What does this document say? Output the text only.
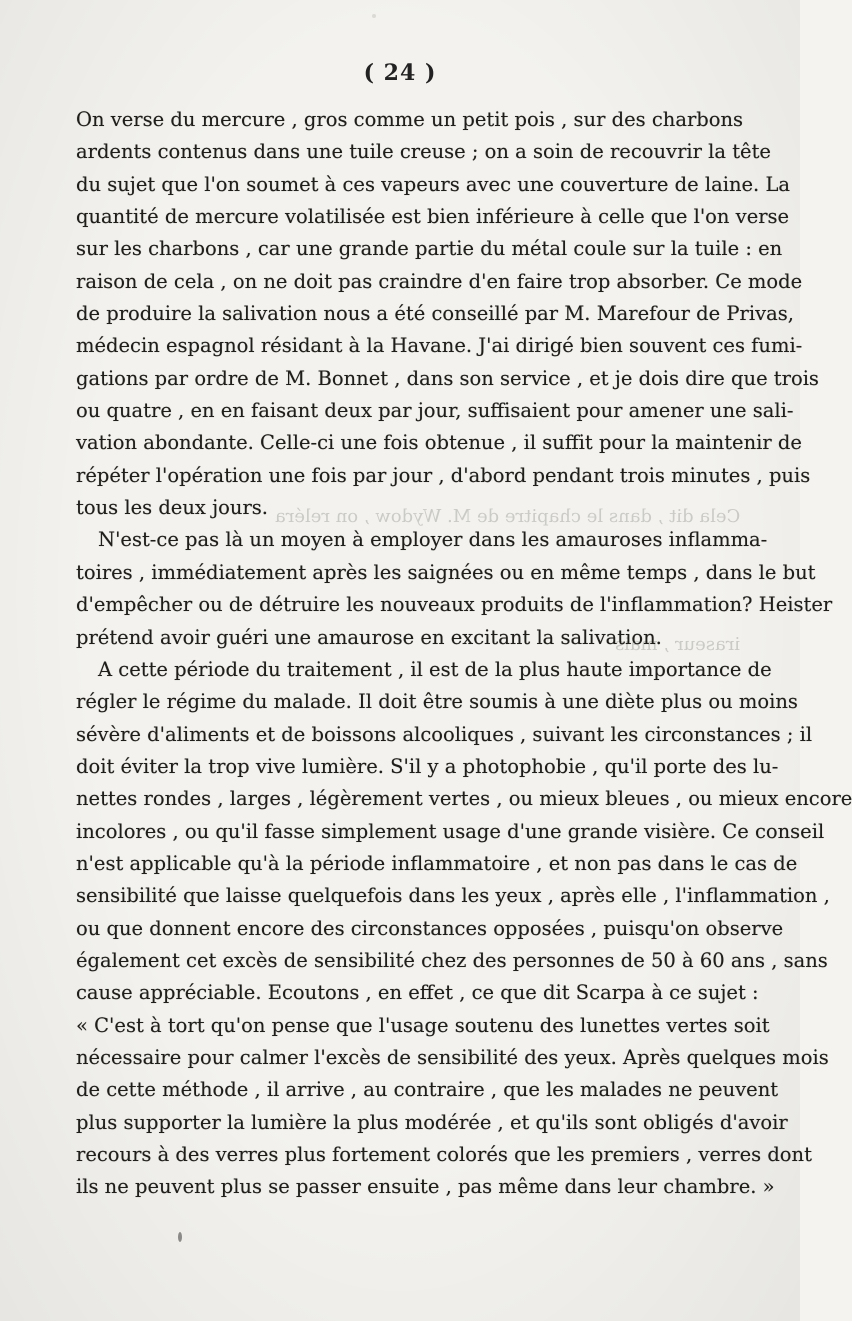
( 24 )
Cela dit , dans le chapitre de M. Wydow , on reléra
iraseur , mais
On verse du mercure , gros comme un petit pois , sur des charbons
ardents contenus dans une tuile creuse ; on a soin de recouvrir la tête
du sujet que l'on soumet à ces vapeurs avec une couverture de laine. La
quantité de mercure volatilisée est bien inférieure à celle que l'on verse
sur les charbons , car une grande partie du métal coule sur la tuile : en
raison de cela , on ne doit pas craindre d'en faire trop absorber. Ce mode
de produire la salivation nous a été conseillé par M. Marefour de Privas,
médecin espagnol résidant à la Havane. J'ai dirigé bien souvent ces fumi-
gations par ordre de M. Bonnet , dans son service , et je dois dire que trois
ou quatre , en en faisant deux par jour, suffisaient pour amener une sali-
vation abondante. Celle-ci une fois obtenue , il suffit pour la maintenir de
répéter l'opération une fois par jour , d'abord pendant trois minutes , puis
tous les deux jours.
N'est-ce pas là un moyen à employer dans les amauroses inflamma-
toires , immédiatement après les saignées ou en même temps , dans le but
d'empêcher ou de détruire les nouveaux produits de l'inflammation? Heister
prétend avoir guéri une amaurose en excitant la salivation.
A cette période du traitement , il est de la plus haute importance de
régler le régime du malade. Il doit être soumis à une diète plus ou moins
sévère d'aliments et de boissons alcooliques , suivant les circonstances ; il
doit éviter la trop vive lumière. S'il y a photophobie , qu'il porte des lu-
nettes rondes , larges , légèrement vertes , ou mieux bleues , ou mieux encore
incolores , ou qu'il fasse simplement usage d'une grande visière. Ce conseil
n'est applicable qu'à la période inflammatoire , et non pas dans le cas de
sensibilité que laisse quelquefois dans les yeux , après elle , l'inflammation ,
ou que donnent encore des circonstances opposées , puisqu'on observe
également cet excès de sensibilité chez des personnes de 50 à 60 ans , sans
cause appréciable. Ecoutons , en effet , ce que dit Scarpa à ce sujet :
« C'est à tort qu'on pense que l'usage soutenu des lunettes vertes soit
nécessaire pour calmer l'excès de sensibilité des yeux. Après quelques mois
de cette méthode , il arrive , au contraire , que les malades ne peuvent
plus supporter la lumière la plus modérée , et qu'ils sont obligés d'avoir
recours à des verres plus fortement colorés que les premiers , verres dont
ils ne peuvent plus se passer ensuite , pas même dans leur chambre. »
